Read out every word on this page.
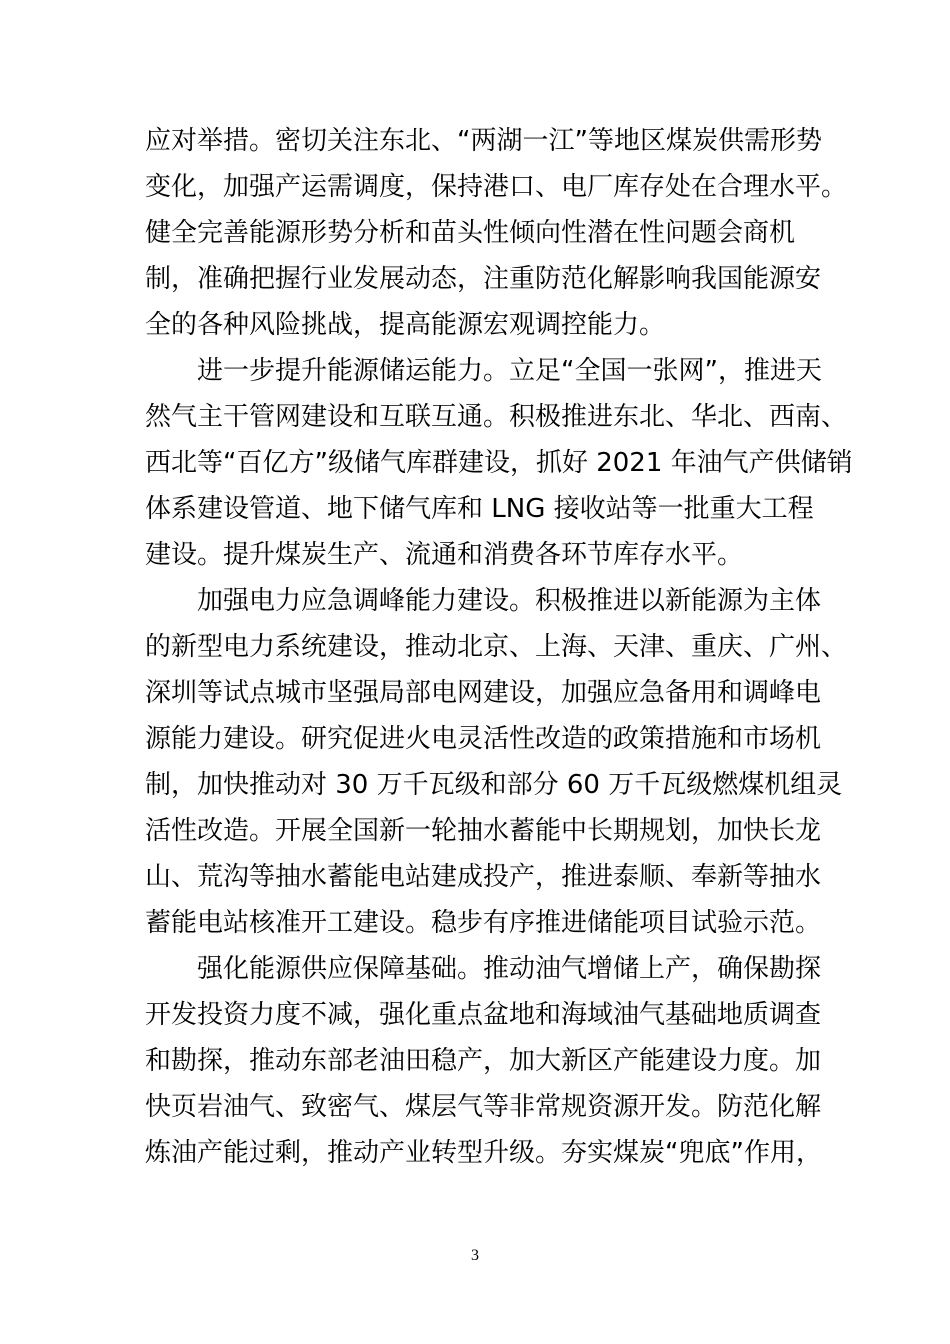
应对举措。密切关注东北、“两湖一江”等地区煤炭供需形势
变化，加强产运需调度，保持港口、电厂库存处在合理水平。
健全完善能源形势分析和苗头性倾向性潜在性问题会商机
制，准确把握行业发展动态，注重防范化解影响我国能源安
全的各种风险挑战，提高能源宏观调控能力。
进一步提升能源储运能力。立足“全国一张网”，推进天
然气主干管网建设和互联互通。积极推进东北、华北、西南、
西北等“百亿方”级储气库群建设，抓好 2021 年油气产供储销
体系建设管道、地下储气库和 LNG 接收站等一批重大工程
建设。提升煤炭生产、流通和消费各环节库存水平。
加强电力应急调峰能力建设。积极推进以新能源为主体
的新型电力系统建设，推动北京、上海、天津、重庆、广州、
深圳等试点城市坚强局部电网建设，加强应急备用和调峰电
源能力建设。研究促进火电灵活性改造的政策措施和市场机
制，加快推动对 30 万千瓦级和部分 60 万千瓦级燃煤机组灵
活性改造。开展全国新一轮抽水蓄能中长期规划，加快长龙
山、荒沟等抽水蓄能电站建成投产，推进泰顺、奉新等抽水
蓄能电站核准开工建设。稳步有序推进储能项目试验示范。
强化能源供应保障基础。推动油气增储上产，确保勘探
开发投资力度不减，强化重点盆地和海域油气基础地质调查
和勘探，推动东部老油田稳产，加大新区产能建设力度。加
快页岩油气、致密气、煤层气等非常规资源开发。防范化解
炼油产能过剩，推动产业转型升级。夯实煤炭“兜底”作用，
3
